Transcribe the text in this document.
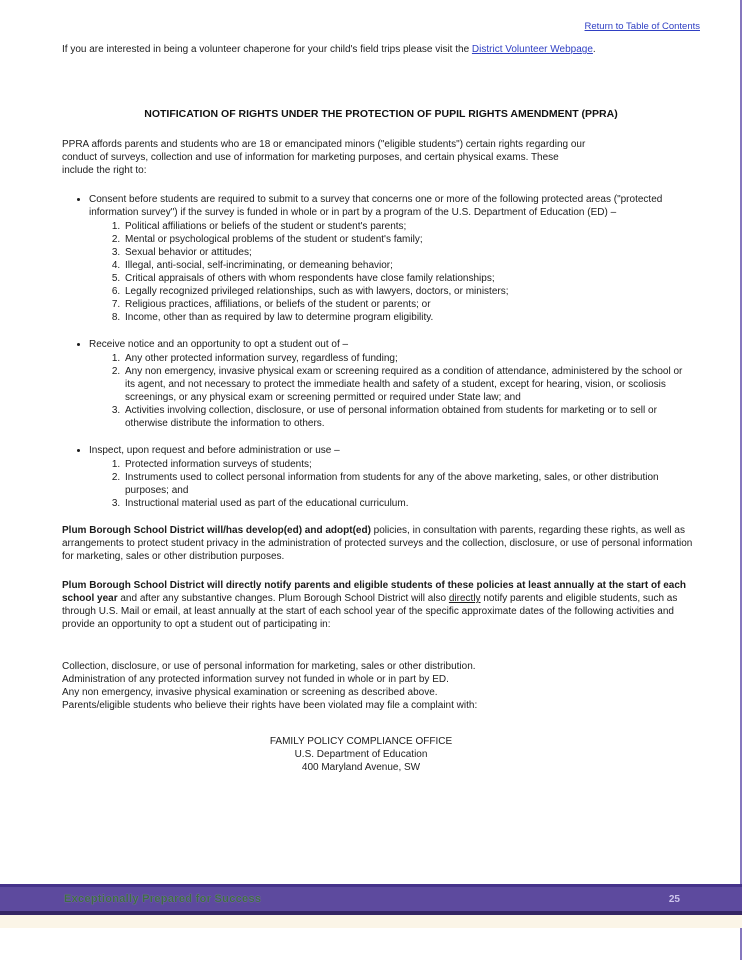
Return to Table of Contents

If you are interested in being a volunteer chaperone for your child's field trips please visit the District Volunteer Webpage.

NOTIFICATION OF RIGHTS UNDER THE PROTECTION OF PUPIL RIGHTS AMENDMENT (PPRA)

PPRA affords parents and students who are 18 or emancipated minors ("eligible students") certain rights regarding our conduct of surveys, collection and use of information for marketing purposes, and certain physical exams. These include the right to:

• Consent before students are required to submit to a survey that concerns one or more of the following protected areas ("protected information survey") if the survey is funded in whole or in part by a program of the U.S. Department of Education (ED) –
1. Political affiliations or beliefs of the student or student's parents;
2. Mental or psychological problems of the student or student's family;
3. Sexual behavior or attitudes;
4. Illegal, anti-social, self-incriminating, or demeaning behavior;
5. Critical appraisals of others with whom respondents have close family relationships;
6. Legally recognized privileged relationships, such as with lawyers, doctors, or ministers;
7. Religious practices, affiliations, or beliefs of the student or parents; or
8. Income, other than as required by law to determine program eligibility.
• Receive notice and an opportunity to opt a student out of –
1. Any other protected information survey, regardless of funding;
2. Any non emergency, invasive physical exam or screening required as a condition of attendance, administered by the school or its agent, and not necessary to protect the immediate health and safety of a student, except for hearing, vision, or scoliosis screenings, or any physical exam or screening permitted or required under State law; and
3. Activities involving collection, disclosure, or use of personal information obtained from students for marketing or to sell or otherwise distribute the information to others.
• Inspect, upon request and before administration or use –
1. Protected information surveys of students;
2. Instruments used to collect personal information from students for any of the above marketing, sales, or other distribution purposes; and
3. Instructional material used as part of the educational curriculum.

Plum Borough School District will/has develop(ed) and adopt(ed) policies, in consultation with parents, regarding these rights, as well as arrangements to protect student privacy in the administration of protected surveys and the collection, disclosure, or use of personal information for marketing, sales or other distribution purposes.

Plum Borough School District will directly notify parents and eligible students of these policies at least annually at the start of each school year and after any substantive changes. Plum Borough School District will also directly notify parents and eligible students, such as through U.S. Mail or email, at least annually at the start of each school year of the specific approximate dates of the following activities and provide an opportunity to opt a student out of participating in:

Collection, disclosure, or use of personal information for marketing, sales or other distribution.
Administration of any protected information survey not funded in whole or in part by ED.
Any non emergency, invasive physical examination or screening as described above.
Parents/eligible students who believe their rights have been violated may file a complaint with:
FAMILY POLICY COMPLIANCE OFFICE
U.S. Department of Education
400 Maryland Avenue, SW
Exceptionally Prepared for Success	25
